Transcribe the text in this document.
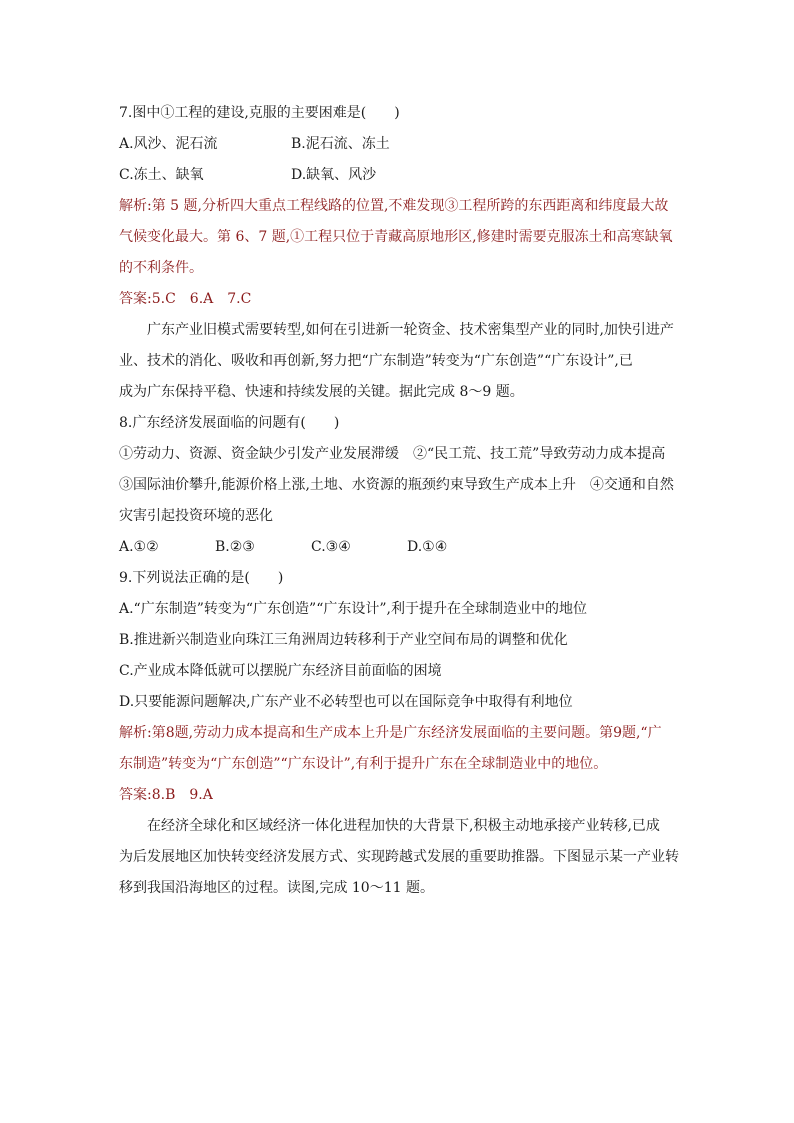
7.图中①工程的建设,克服的主要困难是(　　)
A.风沙、泥石流	B.泥石流、冻土
C.冻土、缺氧	D.缺氧、风沙
解析:第 5 题,分析四大重点工程线路的位置,不难发现③工程所跨的东西距离和纬度最大故
气候变化最大。第 6、7 题,①工程只位于青藏高原地形区,修建时需要克服冻土和高寒缺氧
的不利条件。
答案:5.C　6.A　7.C
广东产业旧模式需要转型,如何在引进新一轮资金、技术密集型产业的同时,加快引进产
业、技术的消化、吸收和再创新,努力把“广东制造”转变为“广东创造”“广东设计”,已
成为广东保持平稳、快速和持续发展的关键。据此完成 8～9 题。
8.广东经济发展面临的问题有(　　)
①劳动力、资源、资金缺少引发产业发展滞缓　②“民工荒、技工荒”导致劳动力成本提高
③国际油价攀升,能源价格上涨,土地、水资源的瓶颈约束导致生产成本上升　④交通和自然
灾害引起投资环境的恶化
A.①②	B.②③	C.③④	D.①④
9.下列说法正确的是(　　)
A.“广东制造”转变为“广东创造”“广东设计”,利于提升在全球制造业中的地位
B.推进新兴制造业向珠江三角洲周边转移利于产业空间布局的调整和优化
C.产业成本降低就可以摆脱广东经济目前面临的困境
D.只要能源问题解决,广东产业不必转型也可以在国际竞争中取得有利地位
解析:第8题,劳动力成本提高和生产成本上升是广东经济发展面临的主要问题。第9题,“广
东制造”转变为“广东创造”“广东设计”,有利于提升广东在全球制造业中的地位。
答案:8.B　9.A
在经济全球化和区域经济一体化进程加快的大背景下,积极主动地承接产业转移,已成
为后发展地区加快转变经济发展方式、实现跨越式发展的重要助推器。下图显示某一产业转
移到我国沿海地区的过程。读图,完成 10～11 题。
